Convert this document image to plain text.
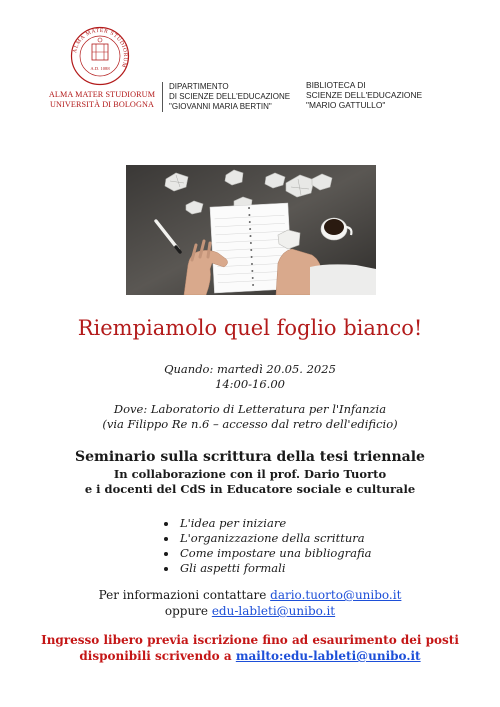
ALMA MATER STUDIORUM
A.D. 1088
ALMA MATER STUDIORUM
UNIVERSITÀ DI BOLOGNA
DIPARTIMENTO
DI SCIENZE DELL'EDUCAZIONE
"GIOVANNI MARIA BERTIN"
BIBLIOTECA DI
SCIENZE DELL'EDUCAZIONE
"MARIO GATTULLO"
Riempiamolo quel foglio bianco!
Quando: martedì 20.05. 2025
14:00-16.00
Dove: Laboratorio di Letteratura per l'Infanzia
(via Filippo Re n.6 – accesso dal retro dell'edificio)
Seminario sulla scrittura della tesi triennale
In collaborazione con il prof. Dario Tuorto
e i docenti del CdS in Educatore sociale e culturale
• L'idea per iniziare
• L'organizzazione della scrittura
• Come impostare una bibliografia
• Gli aspetti formali
Per informazioni contattare dario.tuorto@unibo.it
oppure edu-lableti@unibo.it
Ingresso libero previa iscrizione fino ad esaurimento dei posti
disponibili scrivendo a mailto:edu-lableti@unibo.it
